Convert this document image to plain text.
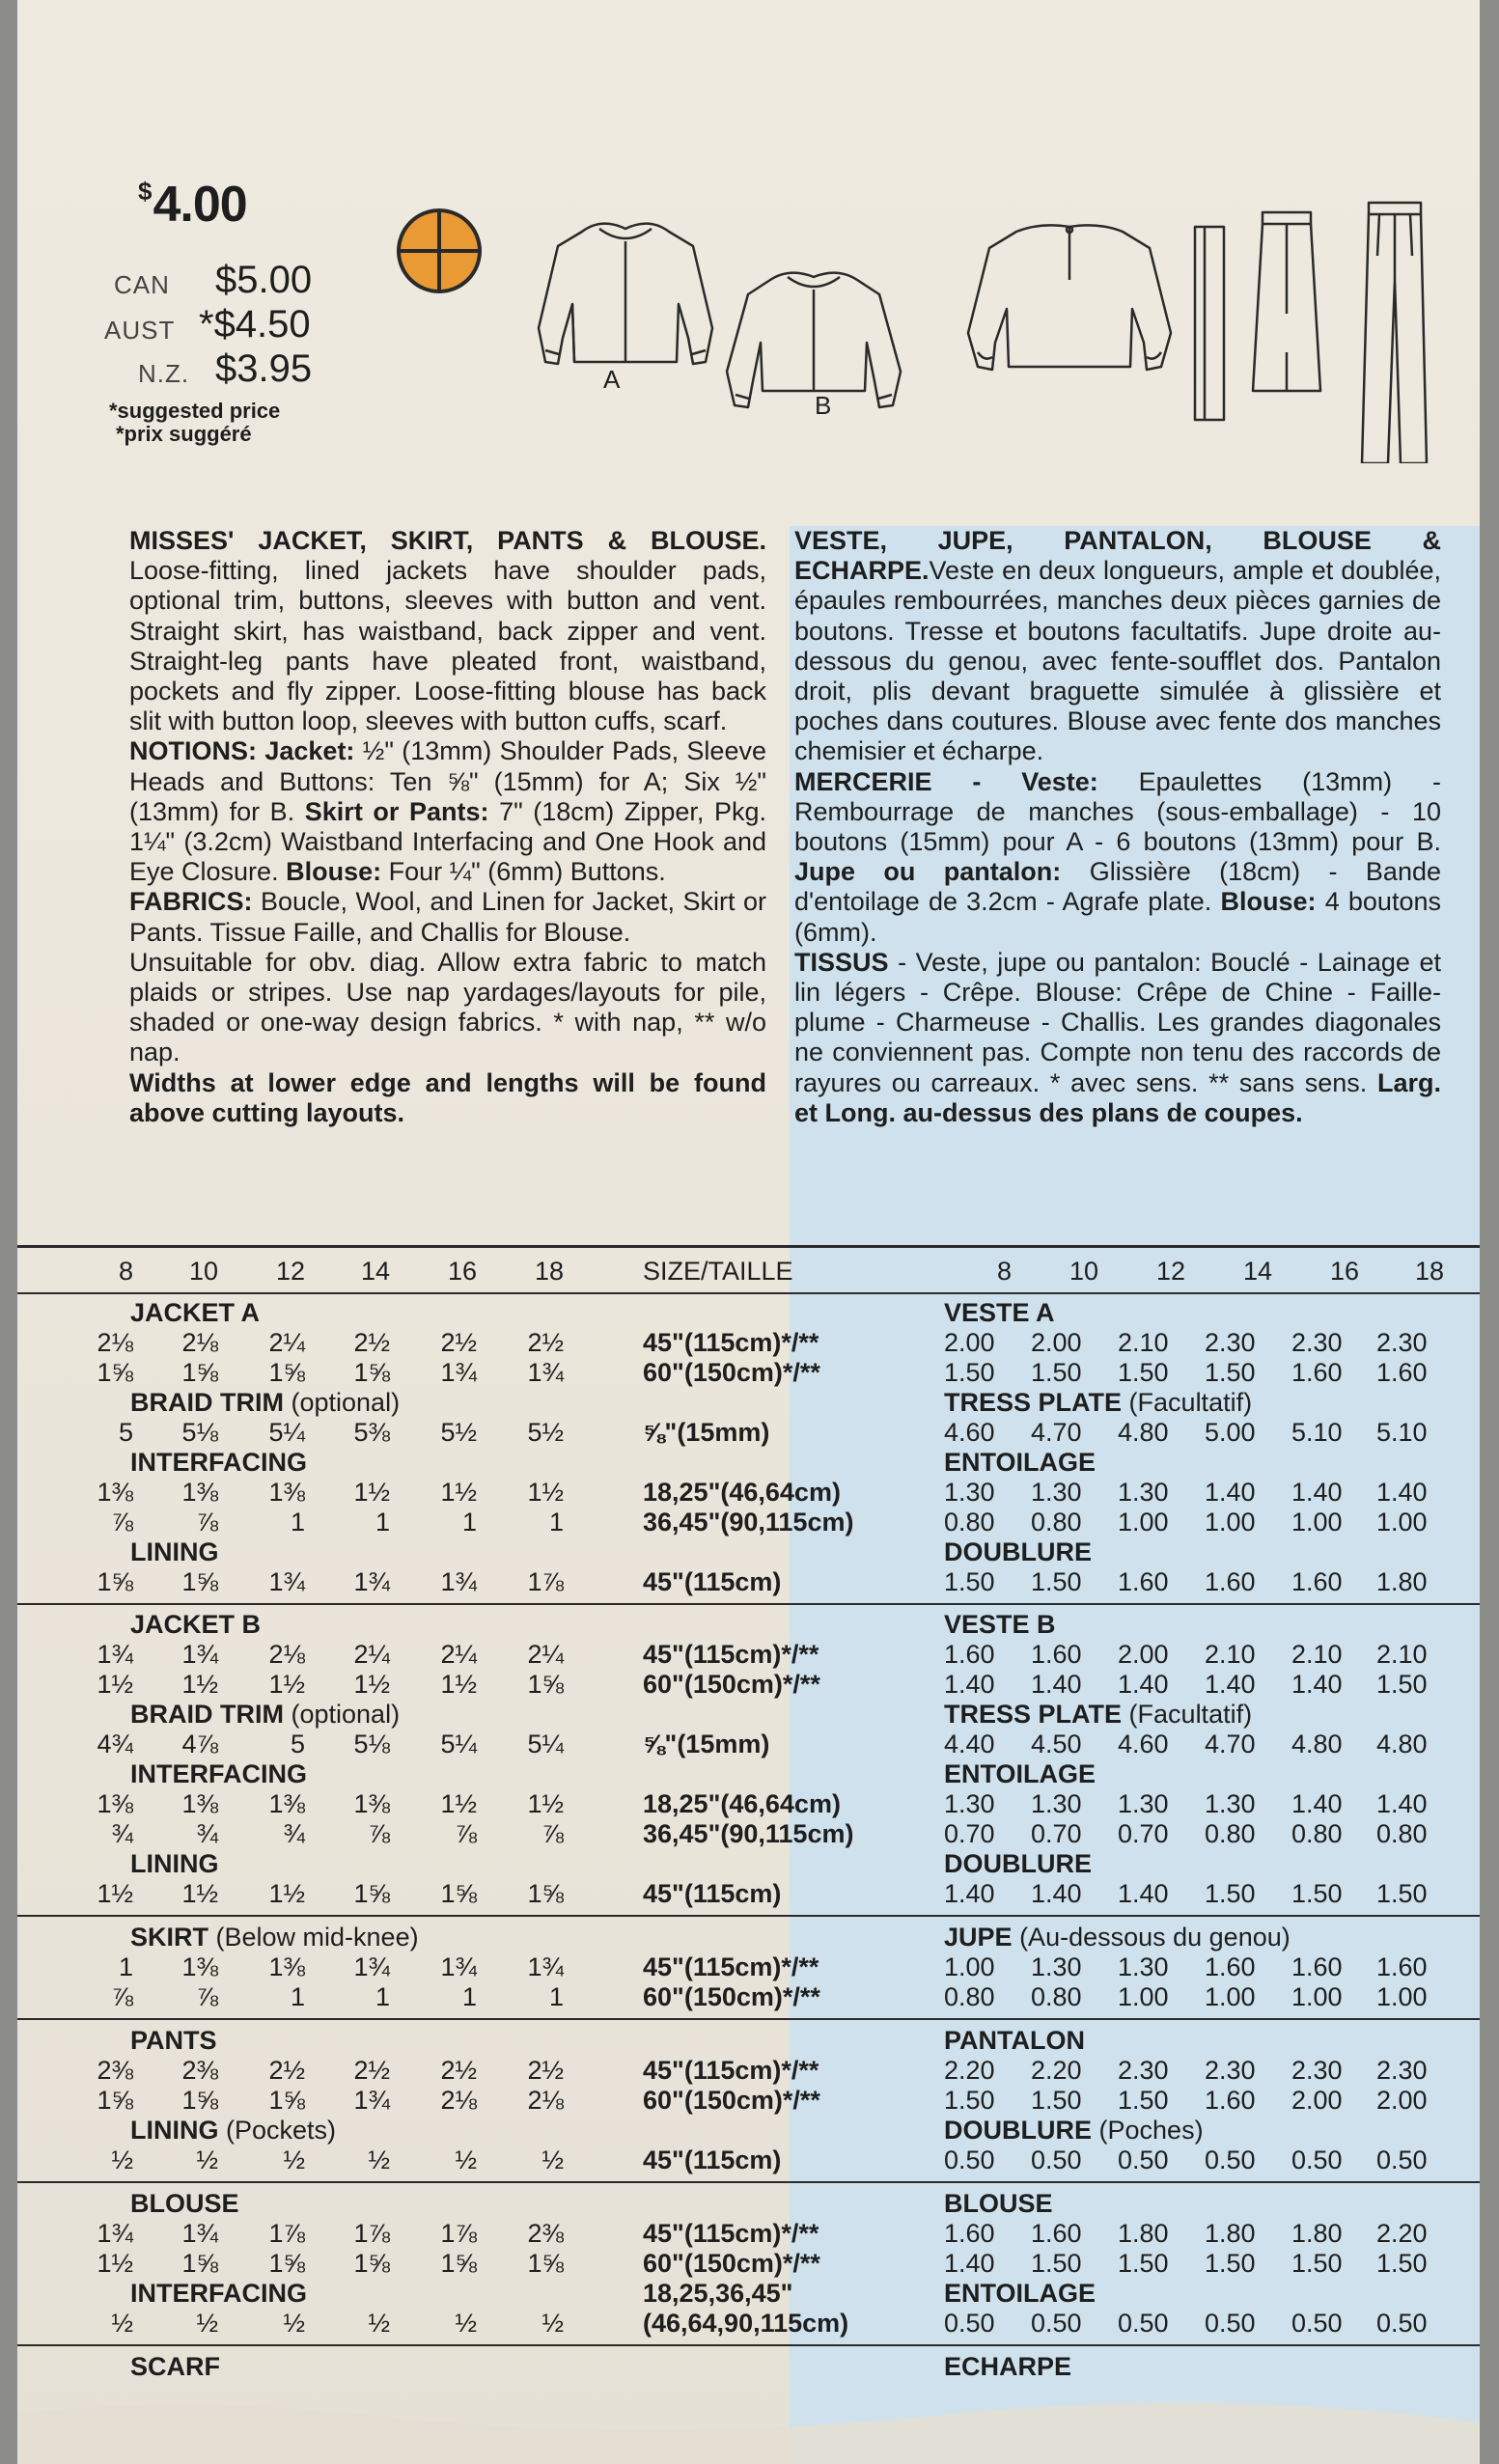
$4.00
CAN $5.00
AUST *$4.50
N.Z. $3.95
*suggested price
*prix suggéré
A
B

MISSES' JACKET, SKIRT, PANTS & BLOUSE. Loose-fitting, lined jackets have shoulder pads, optional trim, buttons, sleeves with button and vent. Straight skirt, has waistband, back zipper and vent. Straight-leg pants have pleated front, waistband, pockets and fly zipper. Loose-fitting blouse has back slit with button loop, sleeves with button cuffs, scarf.

NOTIONS: Jacket: ½" (13mm) Shoulder Pads, Sleeve Heads and Buttons: Ten ⅝" (15mm) for A; Six ½" (13mm) for B. Skirt or Pants: 7" (18cm) Zipper, Pkg. 1¼" (3.2cm) Waistband Interfacing and One Hook and Eye Closure. Blouse: Four ¼" (6mm) Buttons.

FABRICS: Boucle, Wool, and Linen for Jacket, Skirt or Pants. Tissue Faille, and Challis for Blouse.

Unsuitable for obv. diag. Allow extra fabric to match plaids or stripes. Use nap yardages/layouts for pile, shaded or one-way design fabrics. * with nap, ** w/o nap.

Widths at lower edge and lengths will be found above cutting layouts.

VESTE, JUPE, PANTALON, BLOUSE & ECHARPE.Veste en deux longueurs, ample et doublée, épaules rembourrées, manches deux pièces garnies de boutons. Tresse et boutons facultatifs. Jupe droite au-dessous du genou, avec fente-soufflet dos. Pantalon droit, plis devant braguette simulée à glissière et poches dans coutures. Blouse avec fente dos manches chemisier et écharpe.

MERCERIE - Veste: Epaulettes (13mm) - Rembourrage de manches (sous-emballage) - 10 boutons (15mm) pour A - 6 boutons (13mm) pour B. Jupe ou pantalon: Glissière (18cm) - Bande d'entoilage de 3.2cm - Agrafe plate. Blouse: 4 boutons (6mm).

TISSUS - Veste, jupe ou pantalon: Bouclé - Lainage et lin légers - Crêpe. Blouse: Crêpe de Chine - Faille-plume - Charmeuse - Challis. Les grandes diagonales ne conviennent pas. Compte non tenu des raccords de rayures ou carreaux. * avec sens. ** sans sens. Larg. et Long. au-dessus des plans de coupes.

8	10	12	14	16	18	SIZE/TAILLE	8	10	12	14	16	18
JACKET A	VESTE A
2⅛	2⅛	2¼	2½	2½	2½	45"(115cm)*/**	2.00	2.00	2.10	2.30	2.30	2.30
1⅝	1⅝	1⅝	1⅝	1¾	1¾	60"(150cm)*/**	1.50	1.50	1.50	1.50	1.60	1.60
BRAID TRIM (optional)	TRESS PLATE (Facultatif)
5	5⅛	5¼	5⅜	5½	5½	⅝"(15mm)	4.60	4.70	4.80	5.00	5.10	5.10
INTERFACING	ENTOILAGE
1⅜	1⅜	1⅜	1½	1½	1½	18,25"(46,64cm)	1.30	1.30	1.30	1.40	1.40	1.40
⅞	⅞	1	1	1	1	36,45"(90,115cm)	0.80	0.80	1.00	1.00	1.00	1.00
LINING	DOUBLURE
1⅝	1⅝	1¾	1¾	1¾	1⅞	45"(115cm)	1.50	1.50	1.60	1.60	1.60	1.80
JACKET B	VESTE B
1¾	1¾	2⅛	2¼	2¼	2¼	45"(115cm)*/**	1.60	1.60	2.00	2.10	2.10	2.10
1½	1½	1½	1½	1½	1⅝	60"(150cm)*/**	1.40	1.40	1.40	1.40	1.40	1.50
BRAID TRIM (optional)	TRESS PLATE (Facultatif)
4¾	4⅞	5	5⅛	5¼	5¼	⅝"(15mm)	4.40	4.50	4.60	4.70	4.80	4.80
INTERFACING	ENTOILAGE
1⅜	1⅜	1⅜	1⅜	1½	1½	18,25"(46,64cm)	1.30	1.30	1.30	1.30	1.40	1.40
¾	¾	¾	⅞	⅞	⅞	36,45"(90,115cm)	0.70	0.70	0.70	0.80	0.80	0.80
LINING	DOUBLURE
1½	1½	1½	1⅝	1⅝	1⅝	45"(115cm)	1.40	1.40	1.40	1.50	1.50	1.50
SKIRT (Below mid-knee)	JUPE (Au-dessous du genou)
1	1⅜	1⅜	1¾	1¾	1¾	45"(115cm)*/**	1.00	1.30	1.30	1.60	1.60	1.60
⅞	⅞	1	1	1	1	60"(150cm)*/**	0.80	0.80	1.00	1.00	1.00	1.00
PANTS	PANTALON
2⅜	2⅜	2½	2½	2½	2½	45"(115cm)*/**	2.20	2.20	2.30	2.30	2.30	2.30
1⅝	1⅝	1⅝	1¾	2⅛	2⅛	60"(150cm)*/**	1.50	1.50	1.50	1.60	2.00	2.00
LINING (Pockets)	DOUBLURE (Poches)
½	½	½	½	½	½	45"(115cm)	0.50	0.50	0.50	0.50	0.50	0.50
BLOUSE	BLOUSE
1¾	1¾	1⅞	1⅞	1⅞	2⅜	45"(115cm)*/**	1.60	1.60	1.80	1.80	1.80	2.20
1½	1⅝	1⅝	1⅝	1⅝	1⅝	60"(150cm)*/**	1.40	1.50	1.50	1.50	1.50	1.50
INTERFACING	18,25,36,45"	ENTOILAGE
½	½	½	½	½	½	(46,64,90,115cm)	0.50	0.50	0.50	0.50	0.50	0.50
SCARF	ECHARPE
